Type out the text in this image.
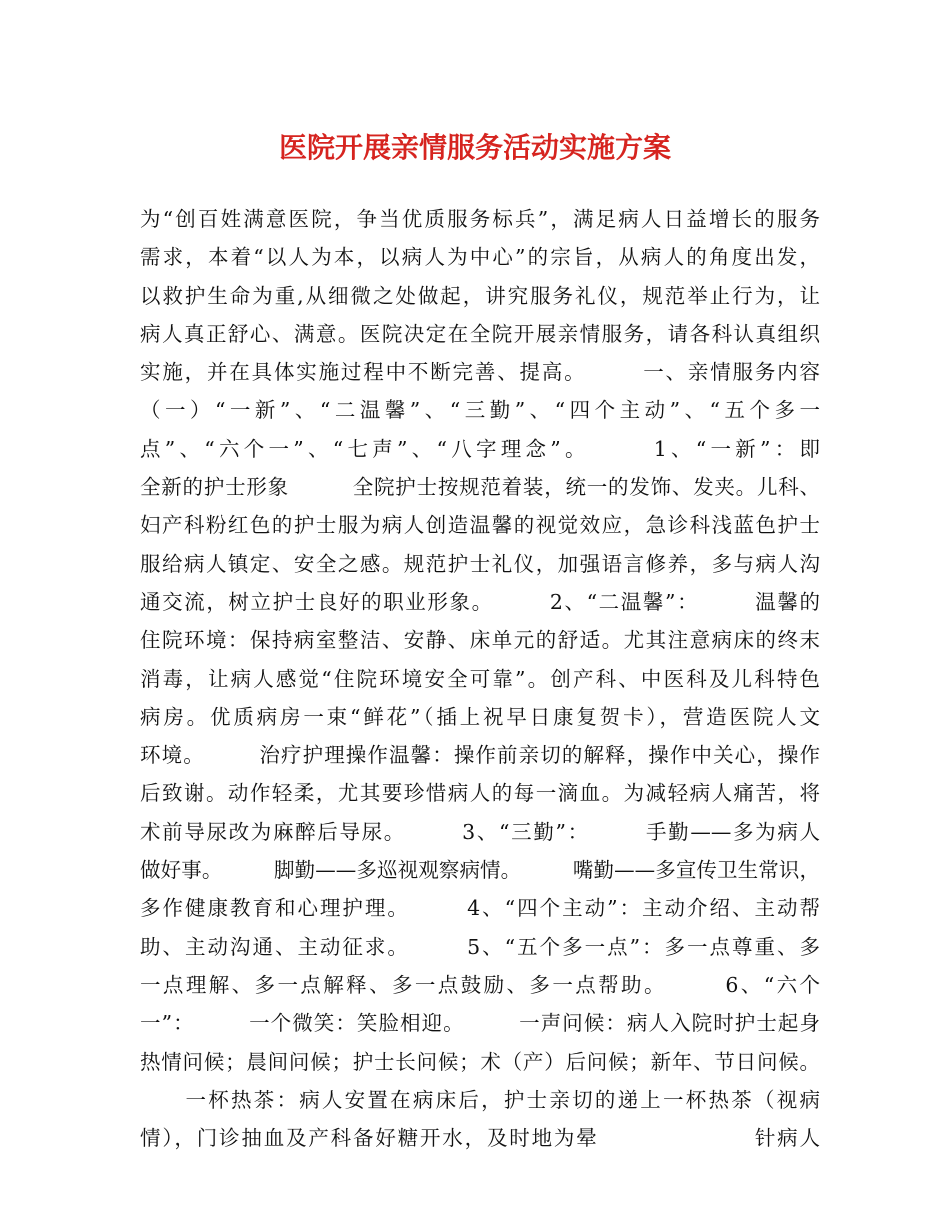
医院开展亲情服务活动实施方案
为“创百姓满意医院，争当优质服务标兵”，满足病人日益增长的服务
需求，本着“以人为本，以病人为中心”的宗旨，从病人的角度出发，
以救护生命为重,从细微之处做起，讲究服务礼仪，规范举止行为，让
病人真正舒心、满意。医院决定在全院开展亲情服务，请各科认真组织
实施，并在具体实施过程中不断完善、提高。　　　一、亲情服务内容
（一）“一新”、“二温馨”、“三勤”、“四个主动”、“五个多一
点”、“六个一”、“七声”、“八字理念”。　　　1、“一新”：即
全新的护士形象　　　全院护士按规范着装，统一的发饰、发夹。儿科、
妇产科粉红色的护士服为病人创造温馨的视觉效应，急诊科浅蓝色护士
服给病人镇定、安全之感。规范护士礼仪，加强语言修养，多与病人沟
通交流，树立护士良好的职业形象。　　　2、“二温馨”：　　　温馨的
住院环境：保持病室整洁、安静、床单元的舒适。尤其注意病床的终末
消毒，让病人感觉“住院环境安全可靠”。创产科、中医科及儿科特色
病房。优质病房一束“鲜花”（插上祝早日康复贺卡），营造医院人文
环境。　　　治疗护理操作温馨：操作前亲切的解释，操作中关心，操作
后致谢。动作轻柔，尤其要珍惜病人的每一滴血。为减轻病人痛苦，将
术前导尿改为麻醉后导尿。　　　3、“三勤”：　　　手勤——多为病人
做好事。　　　脚勤——多巡视观察病情。　　　嘴勤——多宣传卫生常识，
多作健康教育和心理护理。　　　4、“四个主动”：主动介绍、主动帮
助、主动沟通、主动征求。　　　5、“五个多一点”：多一点尊重、多
一点理解、多一点解释、多一点鼓励、多一点帮助。　　　6、“六个
一”：　　　一个微笑：笑脸相迎。　　　一声问候：病人入院时护士起身
热情问候；晨间问候；护士长问候；术（产）后问候；新年、节日问候。
　　一杯热茶：病人安置在病床后，护士亲切的递上一杯热茶（视病
情），门诊抽血及产科备好糖开水，及时地为晕　　　　　　　针病人
